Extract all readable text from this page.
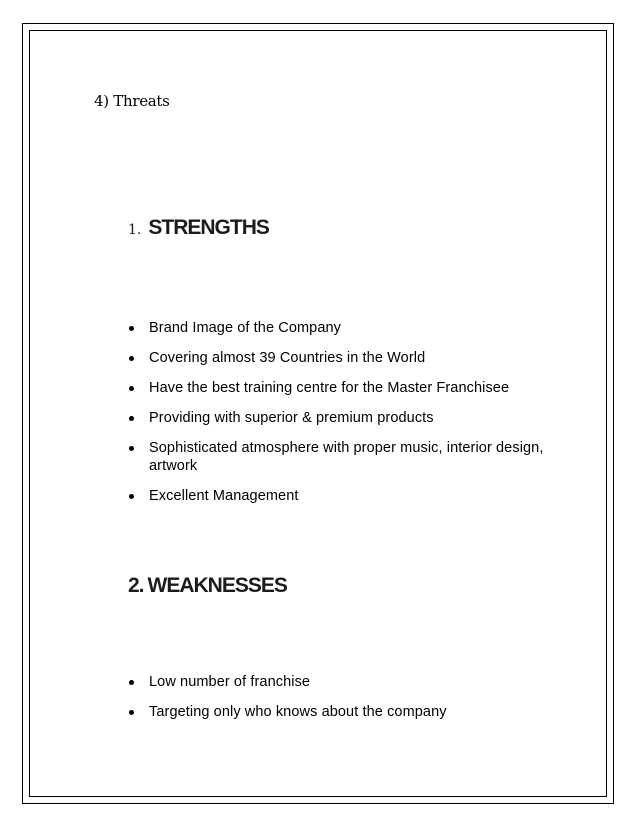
4) Threats
1. STRENGTHS
Brand Image of the Company
Covering almost 39 Countries in the World
Have the best training centre for the Master Franchisee
Providing with superior & premium products
Sophisticated atmosphere with proper music, interior design, artwork
Excellent Management
2. WEAKNESSES
Low number of franchise
Targeting only who knows about the company
